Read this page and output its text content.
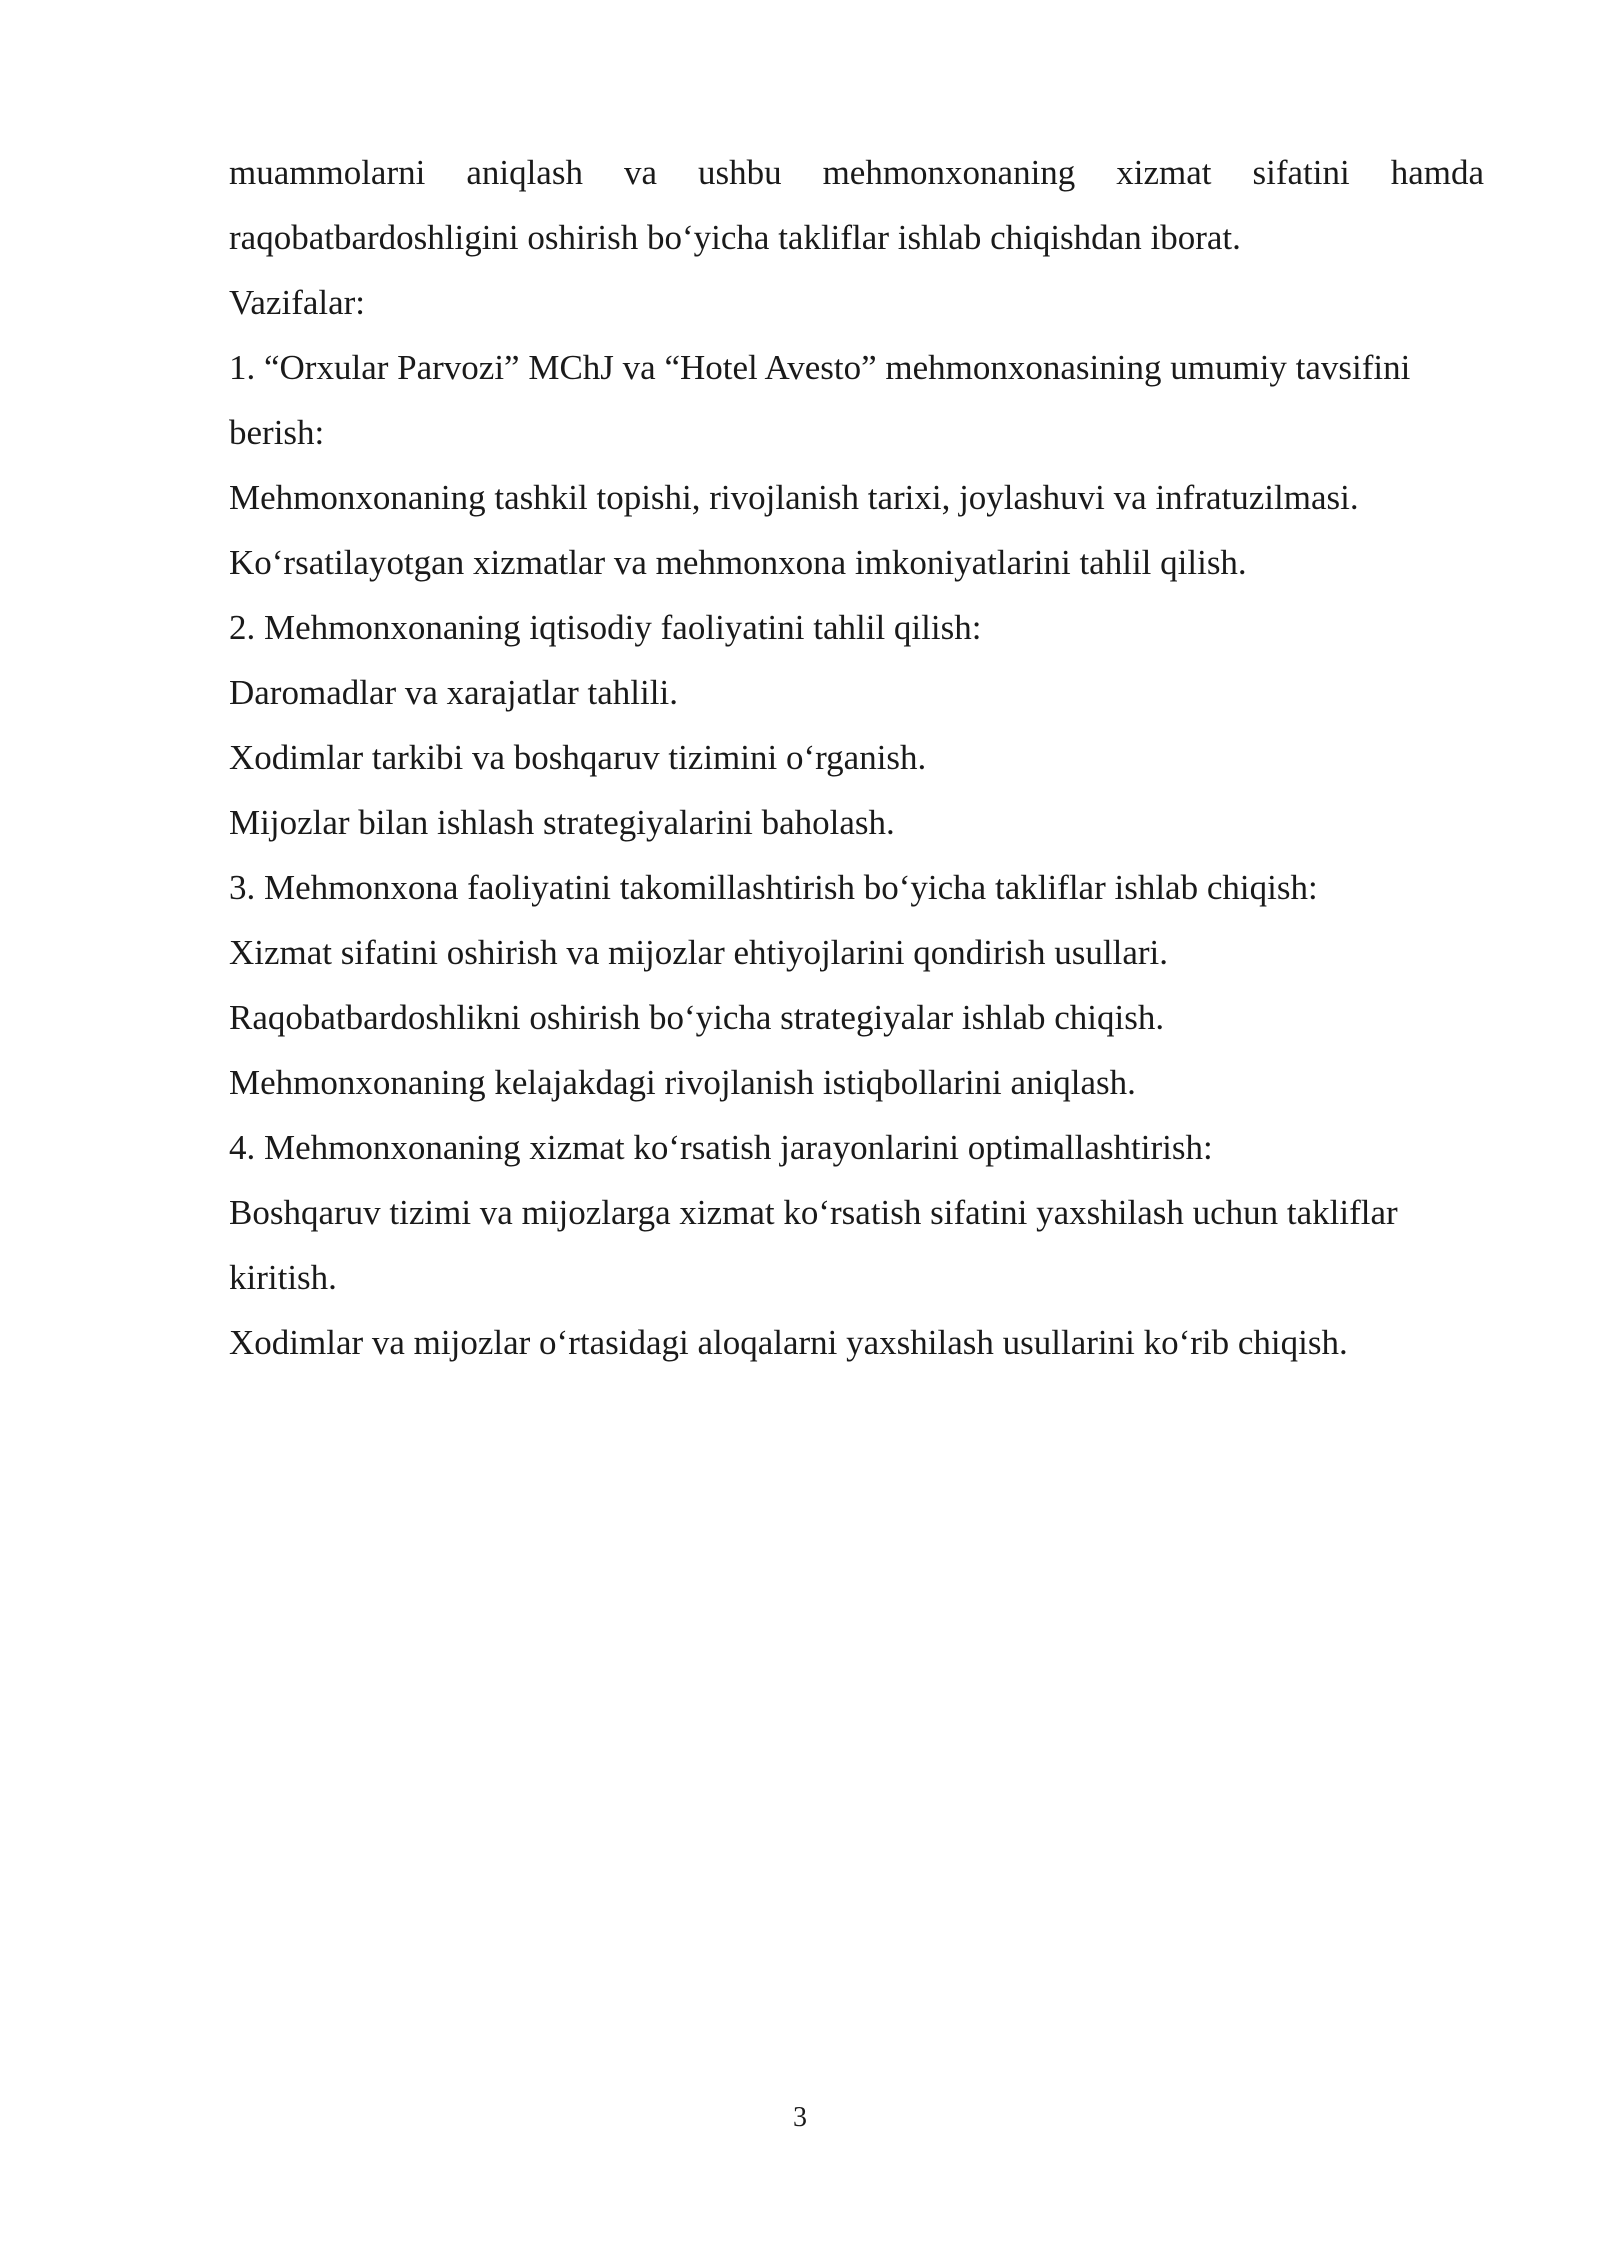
muammolarni aniqlash va ushbu mehmonxonaning xizmat sifatini hamda
raqobatbardoshligini oshirish bo‘yicha takliflar ishlab chiqishdan iborat.
Vazifalar:
1. “Orxular Parvozi” MChJ va “Hotel Avesto” mehmonxonasining umumiy tavsifini
berish:
Mehmonxonaning tashkil topishi, rivojlanish tarixi, joylashuvi va infratuzilmasi.
Ko‘rsatilayotgan xizmatlar va mehmonxona imkoniyatlarini tahlil qilish.
2. Mehmonxonaning iqtisodiy faoliyatini tahlil qilish:
Daromadlar va xarajatlar tahlili.
Xodimlar tarkibi va boshqaruv tizimini o‘rganish.
Mijozlar bilan ishlash strategiyalarini baholash.
3. Mehmonxona faoliyatini takomillashtirish bo‘yicha takliflar ishlab chiqish:
Xizmat sifatini oshirish va mijozlar ehtiyojlarini qondirish usullari.
Raqobatbardoshlikni oshirish bo‘yicha strategiyalar ishlab chiqish.
Mehmonxonaning kelajakdagi rivojlanish istiqbollarini aniqlash.
4. Mehmonxonaning xizmat ko‘rsatish jarayonlarini optimallashtirish:
Boshqaruv tizimi va mijozlarga xizmat ko‘rsatish sifatini yaxshilash uchun takliflar
kiritish.
Xodimlar va mijozlar o‘rtasidagi aloqalarni yaxshilash usullarini ko‘rib chiqish.
3
